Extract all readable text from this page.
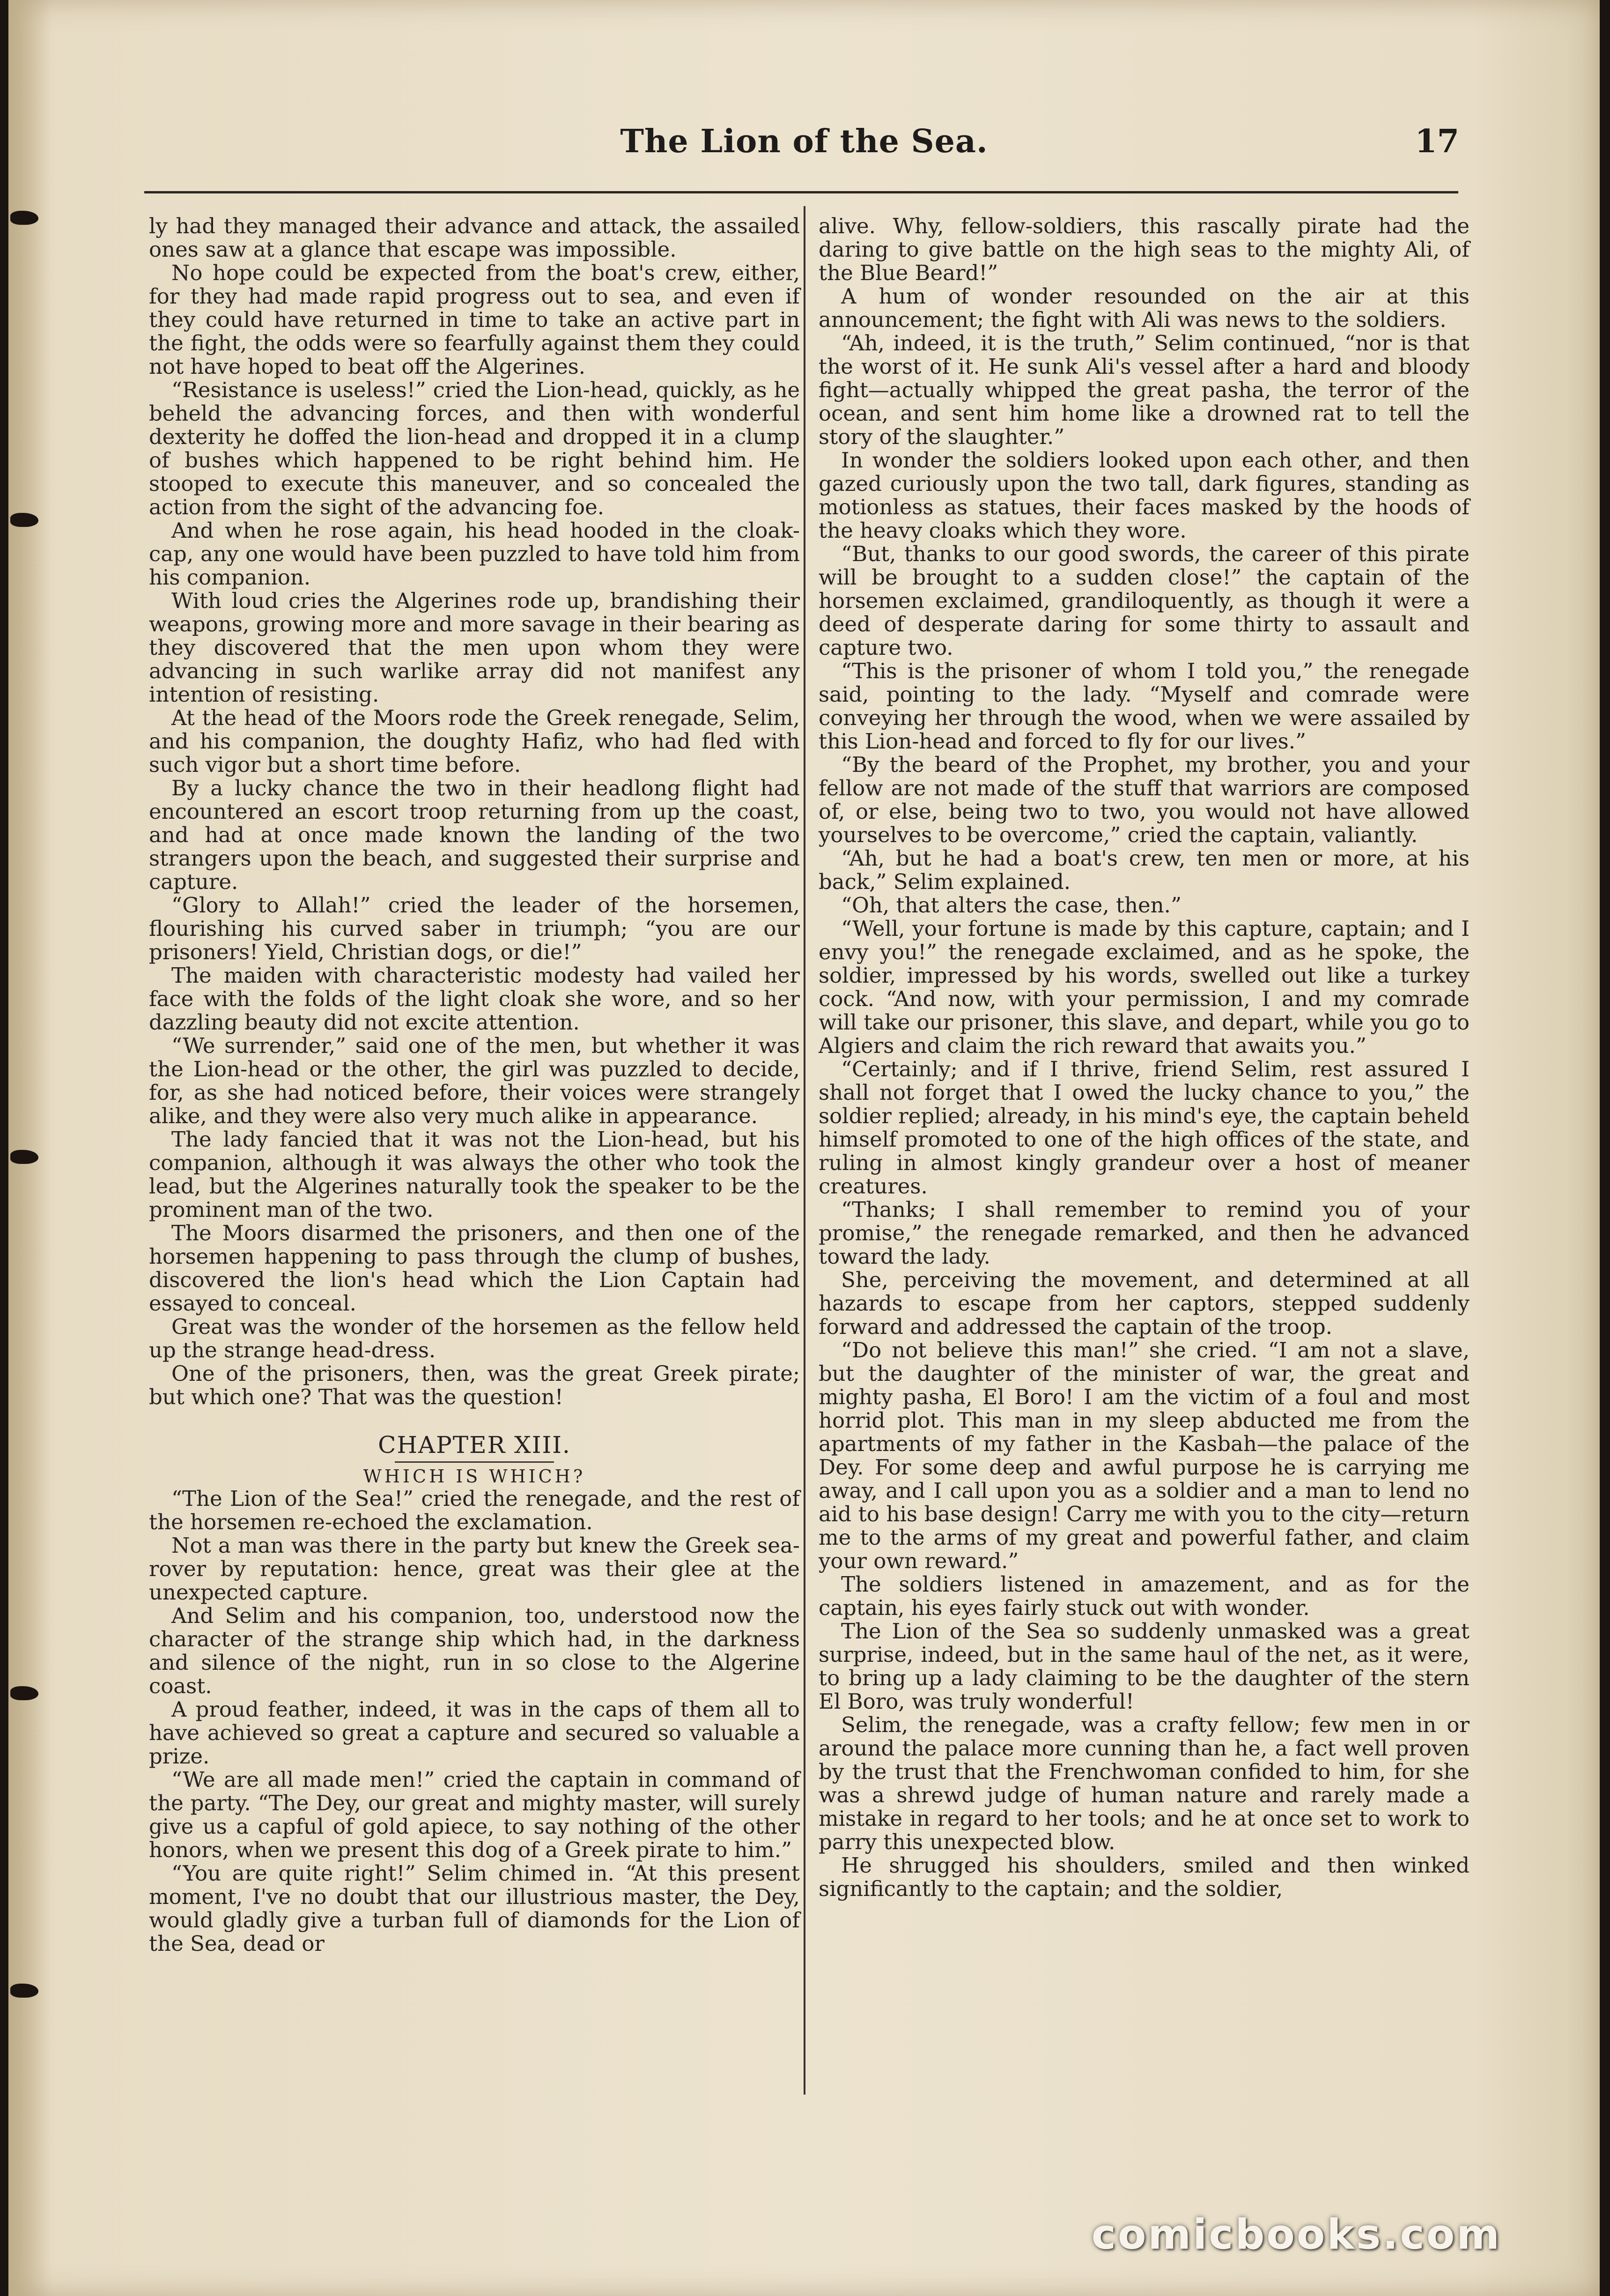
The Lion of the Sea.	17

ly had they managed their advance and attack, the assailed ones saw at a glance that escape was impossible.

No hope could be expected from the boat's crew, either, for they had made rapid progress out to sea, and even if they could have returned in time to take an active part in the fight, the odds were so fearfully against them they could not have hoped to beat off the Algerines.

“Resistance is useless!” cried the Lion-head, quickly, as he beheld the advancing forces, and then with wonderful dexterity he doffed the lion-head and dropped it in a clump of bushes which happened to be right behind him. He stooped to execute this maneuver, and so concealed the action from the sight of the advancing foe.

And when he rose again, his head hooded in the cloak-cap, any one would have been puzzled to have told him from his companion.

With loud cries the Algerines rode up, brandishing their weapons, growing more and more savage in their bearing as they discovered that the men upon whom they were advancing in such warlike array did not manifest any intention of resisting.

At the head of the Moors rode the Greek renegade, Selim, and his companion, the doughty Hafiz, who had fled with such vigor but a short time before.

By a lucky chance the two in their headlong flight had encountered an escort troop returning from up the coast, and had at once made known the landing of the two strangers upon the beach, and suggested their surprise and capture.

“Glory to Allah!” cried the leader of the horsemen, flourishing his curved saber in triumph; “you are our prisoners! Yield, Christian dogs, or die!”

The maiden with characteristic modesty had vailed her face with the folds of the light cloak she wore, and so her dazzling beauty did not excite attention.

“We surrender,” said one of the men, but whether it was the Lion-head or the other, the girl was puzzled to decide, for, as she had noticed before, their voices were strangely alike, and they were also very much alike in appearance.

The lady fancied that it was not the Lion-head, but his companion, although it was always the other who took the lead, but the Algerines naturally took the speaker to be the prominent man of the two.

The Moors disarmed the prisoners, and then one of the horsemen happening to pass through the clump of bushes, discovered the lion's head which the Lion Captain had essayed to conceal.

Great was the wonder of the horsemen as the fellow held up the strange head-dress.

One of the prisoners, then, was the great Greek pirate; but which one? That was the question!

CHAPTER XIII.
WHICH IS WHICH?

“The Lion of the Sea!” cried the renegade, and the rest of the horsemen re-echoed the exclamation.

Not a man was there in the party but knew the Greek sea-rover by reputation: hence, great was their glee at the unexpected capture.

And Selim and his companion, too, understood now the character of the strange ship which had, in the darkness and silence of the night, run in so close to the Algerine coast.

A proud feather, indeed, it was in the caps of them all to have achieved so great a capture and secured so valuable a prize.

“We are all made men!” cried the captain in command of the party. “The Dey, our great and mighty master, will surely give us a capful of gold apiece, to say nothing of the other honors, when we present this dog of a Greek pirate to him.”

“You are quite right!” Selim chimed in. “At this present moment, I've no doubt that our illustrious master, the Dey, would gladly give a turban full of diamonds for the Lion of the Sea, dead or

alive. Why, fellow-soldiers, this rascally pirate had the daring to give battle on the high seas to the mighty Ali, of the Blue Beard!”

A hum of wonder resounded on the air at this announcement; the fight with Ali was news to the soldiers.

“Ah, indeed, it is the truth,” Selim continued, “nor is that the worst of it. He sunk Ali's vessel after a hard and bloody fight—actually whipped the great pasha, the terror of the ocean, and sent him home like a drowned rat to tell the story of the slaughter.”

In wonder the soldiers looked upon each other, and then gazed curiously upon the two tall, dark figures, standing as motionless as statues, their faces masked by the hoods of the heavy cloaks which they wore.

“But, thanks to our good swords, the career of this pirate will be brought to a sudden close!” the captain of the horsemen exclaimed, grandiloquently, as though it were a deed of desperate daring for some thirty to assault and capture two.

“This is the prisoner of whom I told you,” the renegade said, pointing to the lady. “Myself and comrade were conveying her through the wood, when we were assailed by this Lion-head and forced to fly for our lives.”

“By the beard of the Prophet, my brother, you and your fellow are not made of the stuff that warriors are composed of, or else, being two to two, you would not have allowed yourselves to be overcome,” cried the captain, valiantly.

“Ah, but he had a boat's crew, ten men or more, at his back,” Selim explained.

“Oh, that alters the case, then.”

“Well, your fortune is made by this capture, captain; and I envy you!” the renegade exclaimed, and as he spoke, the soldier, impressed by his words, swelled out like a turkey cock. “And now, with your permission, I and my comrade will take our prisoner, this slave, and depart, while you go to Algiers and claim the rich reward that awaits you.”

“Certainly; and if I thrive, friend Selim, rest assured I shall not forget that I owed the lucky chance to you,” the soldier replied; already, in his mind's eye, the captain beheld himself promoted to one of the high offices of the state, and ruling in almost kingly grandeur over a host of meaner creatures.

“Thanks; I shall remember to remind you of your promise,” the renegade remarked, and then he advanced toward the lady.

She, perceiving the movement, and determined at all hazards to escape from her captors, stepped suddenly forward and addressed the captain of the troop.

“Do not believe this man!” she cried. “I am not a slave, but the daughter of the minister of war, the great and mighty pasha, El Boro! I am the victim of a foul and most horrid plot. This man in my sleep abducted me from the apartments of my father in the Kasbah—the palace of the Dey. For some deep and awful purpose he is carrying me away, and I call upon you as a soldier and a man to lend no aid to his base design! Carry me with you to the city—return me to the arms of my great and powerful father, and claim your own reward.”

The soldiers listened in amazement, and as for the captain, his eyes fairly stuck out with wonder.

The Lion of the Sea so suddenly unmasked was a great surprise, indeed, but in the same haul of the net, as it were, to bring up a lady claiming to be the daughter of the stern El Boro, was truly wonderful!

Selim, the renegade, was a crafty fellow; few men in or around the palace more cunning than he, a fact well proven by the trust that the Frenchwoman confided to him, for she was a shrewd judge of human nature and rarely made a mistake in regard to her tools; and he at once set to work to parry this unexpected blow.

He shrugged his shoulders, smiled and then winked significantly to the captain; and the soldier,

comicbooks.com
